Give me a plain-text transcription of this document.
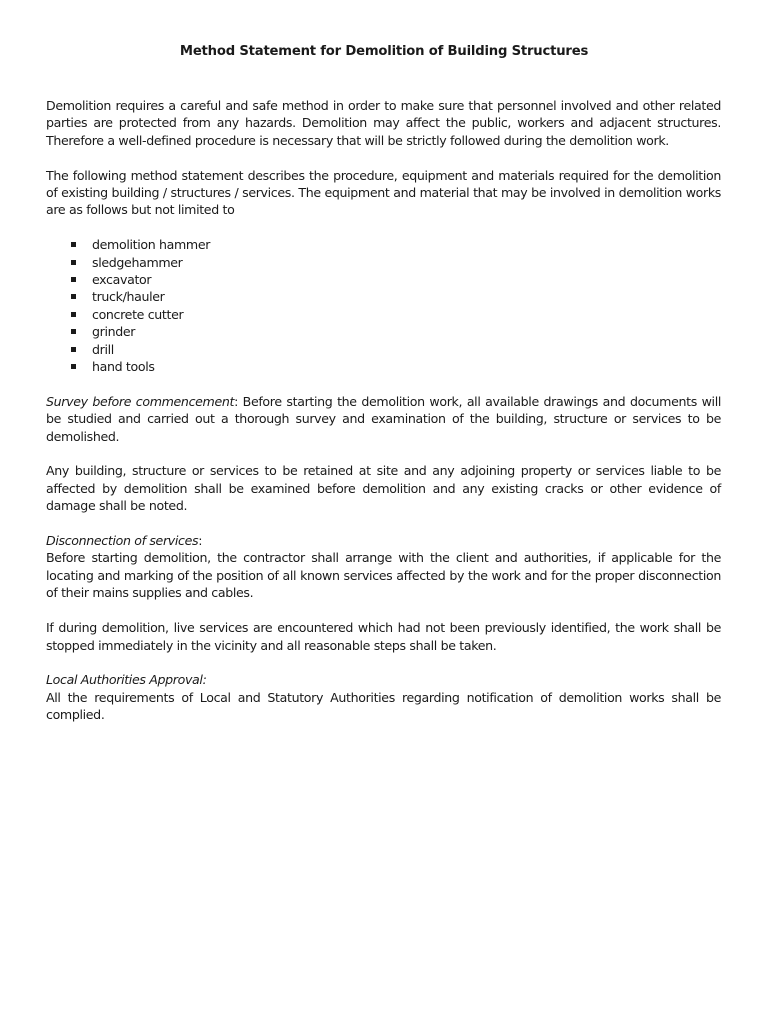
Method Statement for Demolition of Building Structures

Demolition requires a careful and safe method in order to make sure that personnel involved and other related parties are protected from any hazards. Demolition may affect the public, workers and adjacent structures. Therefore a well-defined procedure is necessary that will be strictly followed during the demolition work.

The following method statement describes the procedure, equipment and materials required for the demolition of existing building / structures / services. The equipment and material that may be involved in demolition works are as follows but not limited to

demolition hammer
sledgehammer
excavator
truck/hauler
concrete cutter
grinder
drill
hand tools

Survey before commencement: Before starting the demolition work, all available drawings and documents will be studied and carried out a thorough survey and examination of the building, structure or services to be demolished.

Any building, structure or services to be retained at site and any adjoining property or services liable to be affected by demolition shall be examined before demolition and any existing cracks or other evidence of damage shall be noted.

Disconnection of services:

Before starting demolition, the contractor shall arrange with the client and authorities, if applicable for the locating and marking of the position of all known services affected by the work and for the proper disconnection of their mains supplies and cables.

If during demolition, live services are encountered which had not been previously identified, the work shall be stopped immediately in the vicinity and all reasonable steps shall be taken.

Local Authorities Approval:

All the requirements of Local and Statutory Authorities regarding notification of demolition works shall be complied.
